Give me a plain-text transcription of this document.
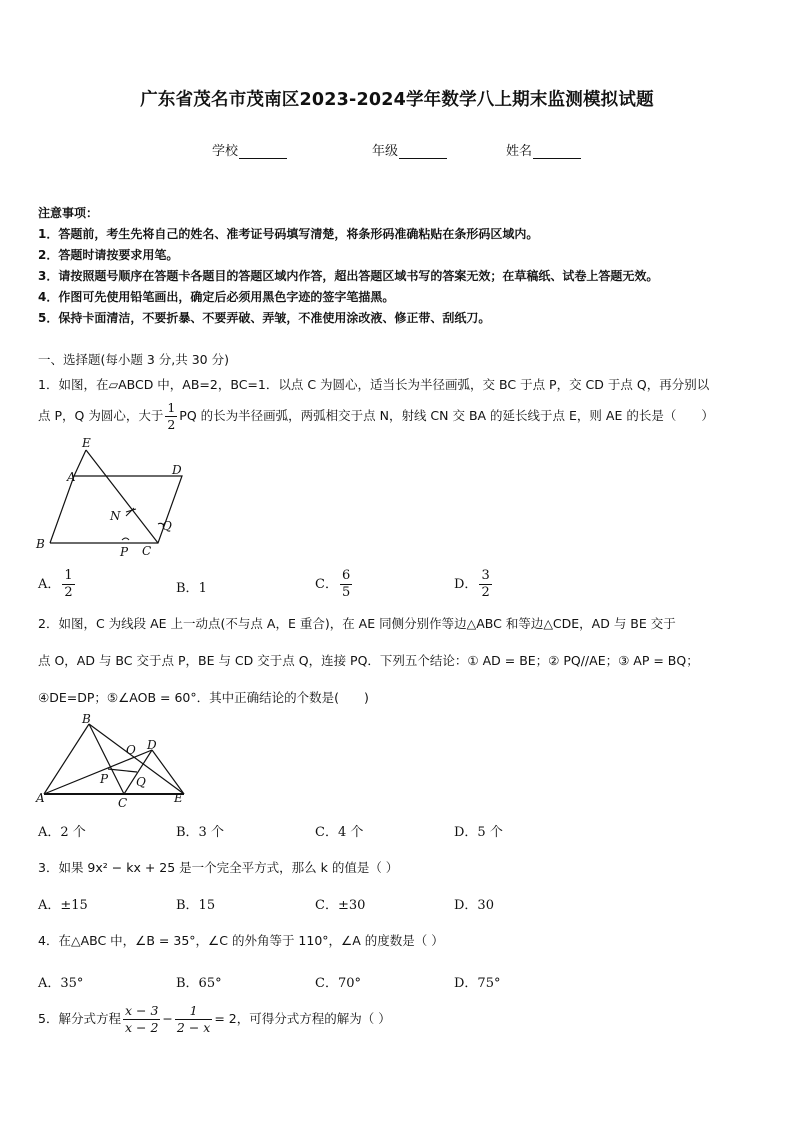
广东省茂名市茂南区2023-2024学年数学八上期末监测模拟试题
学校	年级	姓名
注意事项：
1．答题前，考生先将自己的姓名、准考证号码填写清楚，将条形码准确粘贴在条形码区域内。
2．答题时请按要求用笔。
3．请按照题号顺序在答题卡各题目的答题区域内作答，超出答题区域书写的答案无效；在草稿纸、试卷上答题无效。
4．作图可先使用铅笔画出，确定后必须用黑色字迹的签字笔描黑。
5．保持卡面清洁，不要折暴、不要弄破、弄皱，不准使用涂改液、修正带、刮纸刀。
一、选择题(每小题 3 分,共 30 分)
1．如图，在▱ABCD 中，AB=2，BC=1．以点 C 为圆心，适当长为半径画弧，交 BC 于点 P，交 CD 于点 Q，再分别以
点 P，Q 为圆心，大于 $\frac{1}{2}$ PQ 的长为半径画弧，两弧相交于点 N，射线 CN 交 BA 的延长线于点 E，则 AE 的长是（　　）
E
A	D
N
Q
B
P C
A． $\frac{1}{2}$	B．1	C． $\frac{6}{5}$	D． $\frac{3}{2}$
2．如图，C 为线段 AE 上一动点(不与点 A，E 重合)，在 AE 同侧分别作等边△ABC 和等边△CDE，AD 与 BE 交于
点 O，AD 与 BC 交于点 P，BE 与 CD 交于点 Q，连接 PQ．下列五个结论：① AD = BE；② PQ//AE；③ AP = BQ；
④DE=DP；⑤∠AOB = 60°．其中正确结论的个数是(　　)
B
O D
P Q
A	C	E
A．2 个	B．3 个	C．4 个	D．5 个
3．如果 9x² − kx + 25 是一个完全平方式，那么 k 的值是（ ）
A．±15	B．15	C．±30	D．30
4．在△ABC 中，∠B = 35°，∠C 的外角等于 110°，∠A 的度数是（ ）
A．35°	B．65°	C．70°	D．75°
5．解分式方程 $\frac{x - 3}{x - 2} - \frac{1}{2 - x} = 2$，可得分式方程的解为（ ）
